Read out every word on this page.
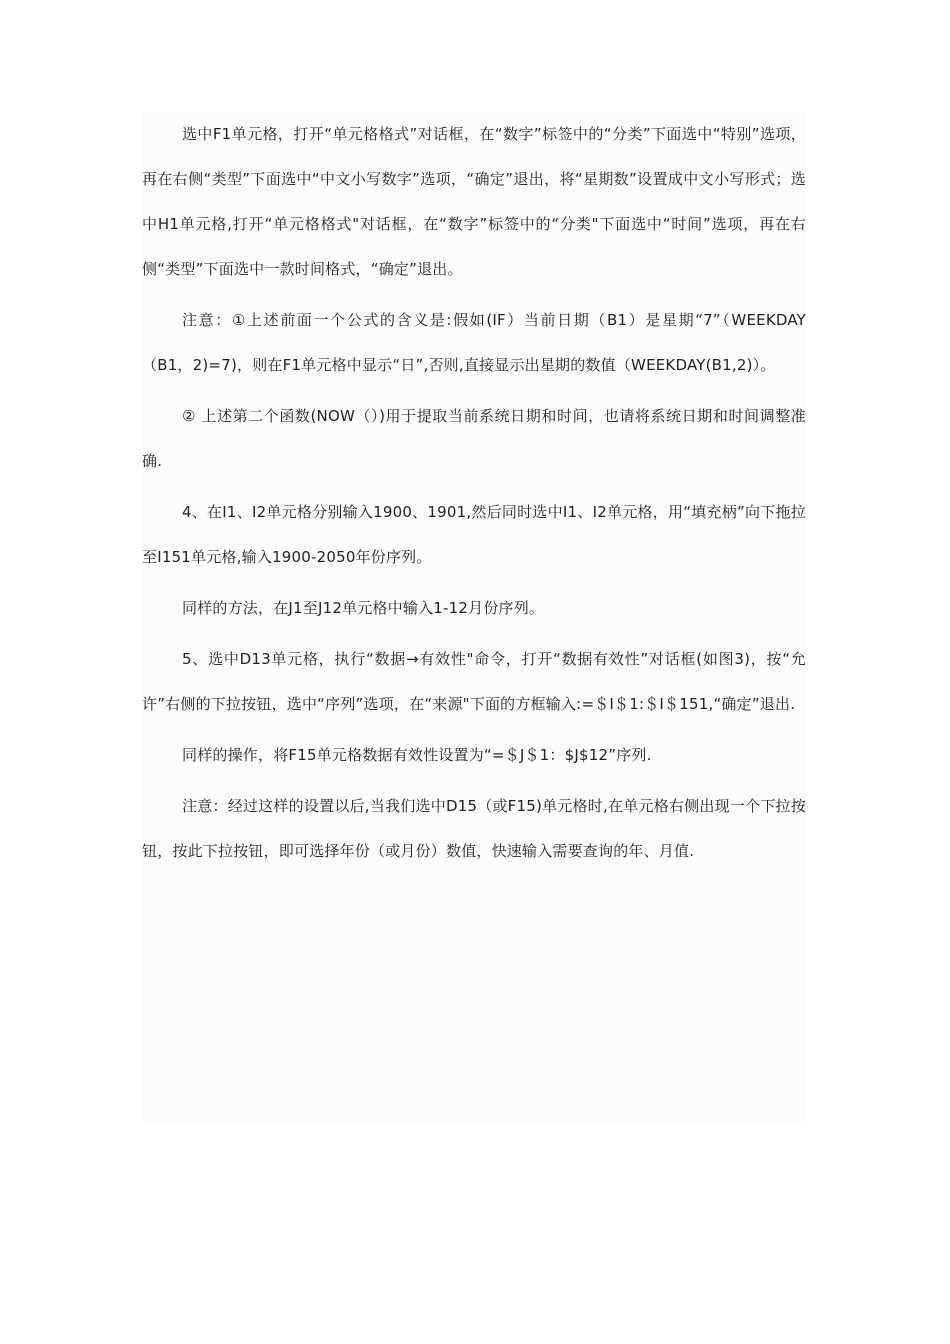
选中F1单元格，打开“单元格格式”对话框，在“数字”标签中的“分类”下面选中“特别”选项，再在右侧“类型”下面选中“中文小写数字”选项，“确定”退出，将“星期数”设置成中文小写形式；选中H1单元格,打开“单元格格式"对话框，在“数字”标签中的“分类"下面选中“时间”选项，再在右侧“类型”下面选中一款时间格式，“确定”退出。

注意：①上述前面一个公式的含义是:假如(IF）当前日期（B1）是星期“7”（WEEKDAY（B1，2)=7)，则在F1单元格中显示“日”,否则,直接显示出星期的数值（WEEKDAY(B1,2)）。

② 上述第二个函数(NOW（）)用于提取当前系统日期和时间，也请将系统日期和时间调整准确.

4、在I1、I2单元格分别输入1900、1901,然后同时选中I1、I2单元格，用“填充柄”向下拖拉至I151单元格,输入1900-2050年份序列。

同样的方法，在J1至J12单元格中输入1-12月份序列。

5、选中D13单元格，执行“数据→有效性"命令，打开“数据有效性”对话框(如图3)，按“允许”右侧的下拉按钮，选中“序列”选项，在“来源"下面的方框输入:=＄I＄1:＄I＄151,“确定”退出.

同样的操作，将F15单元格数据有效性设置为“=＄J＄1：$J$12”序列.

注意：经过这样的设置以后,当我们选中D15（或F15)单元格时,在单元格右侧出现一个下拉按钮，按此下拉按钮，即可选择年份（或月份）数值，快速输入需要查询的年、月值.
